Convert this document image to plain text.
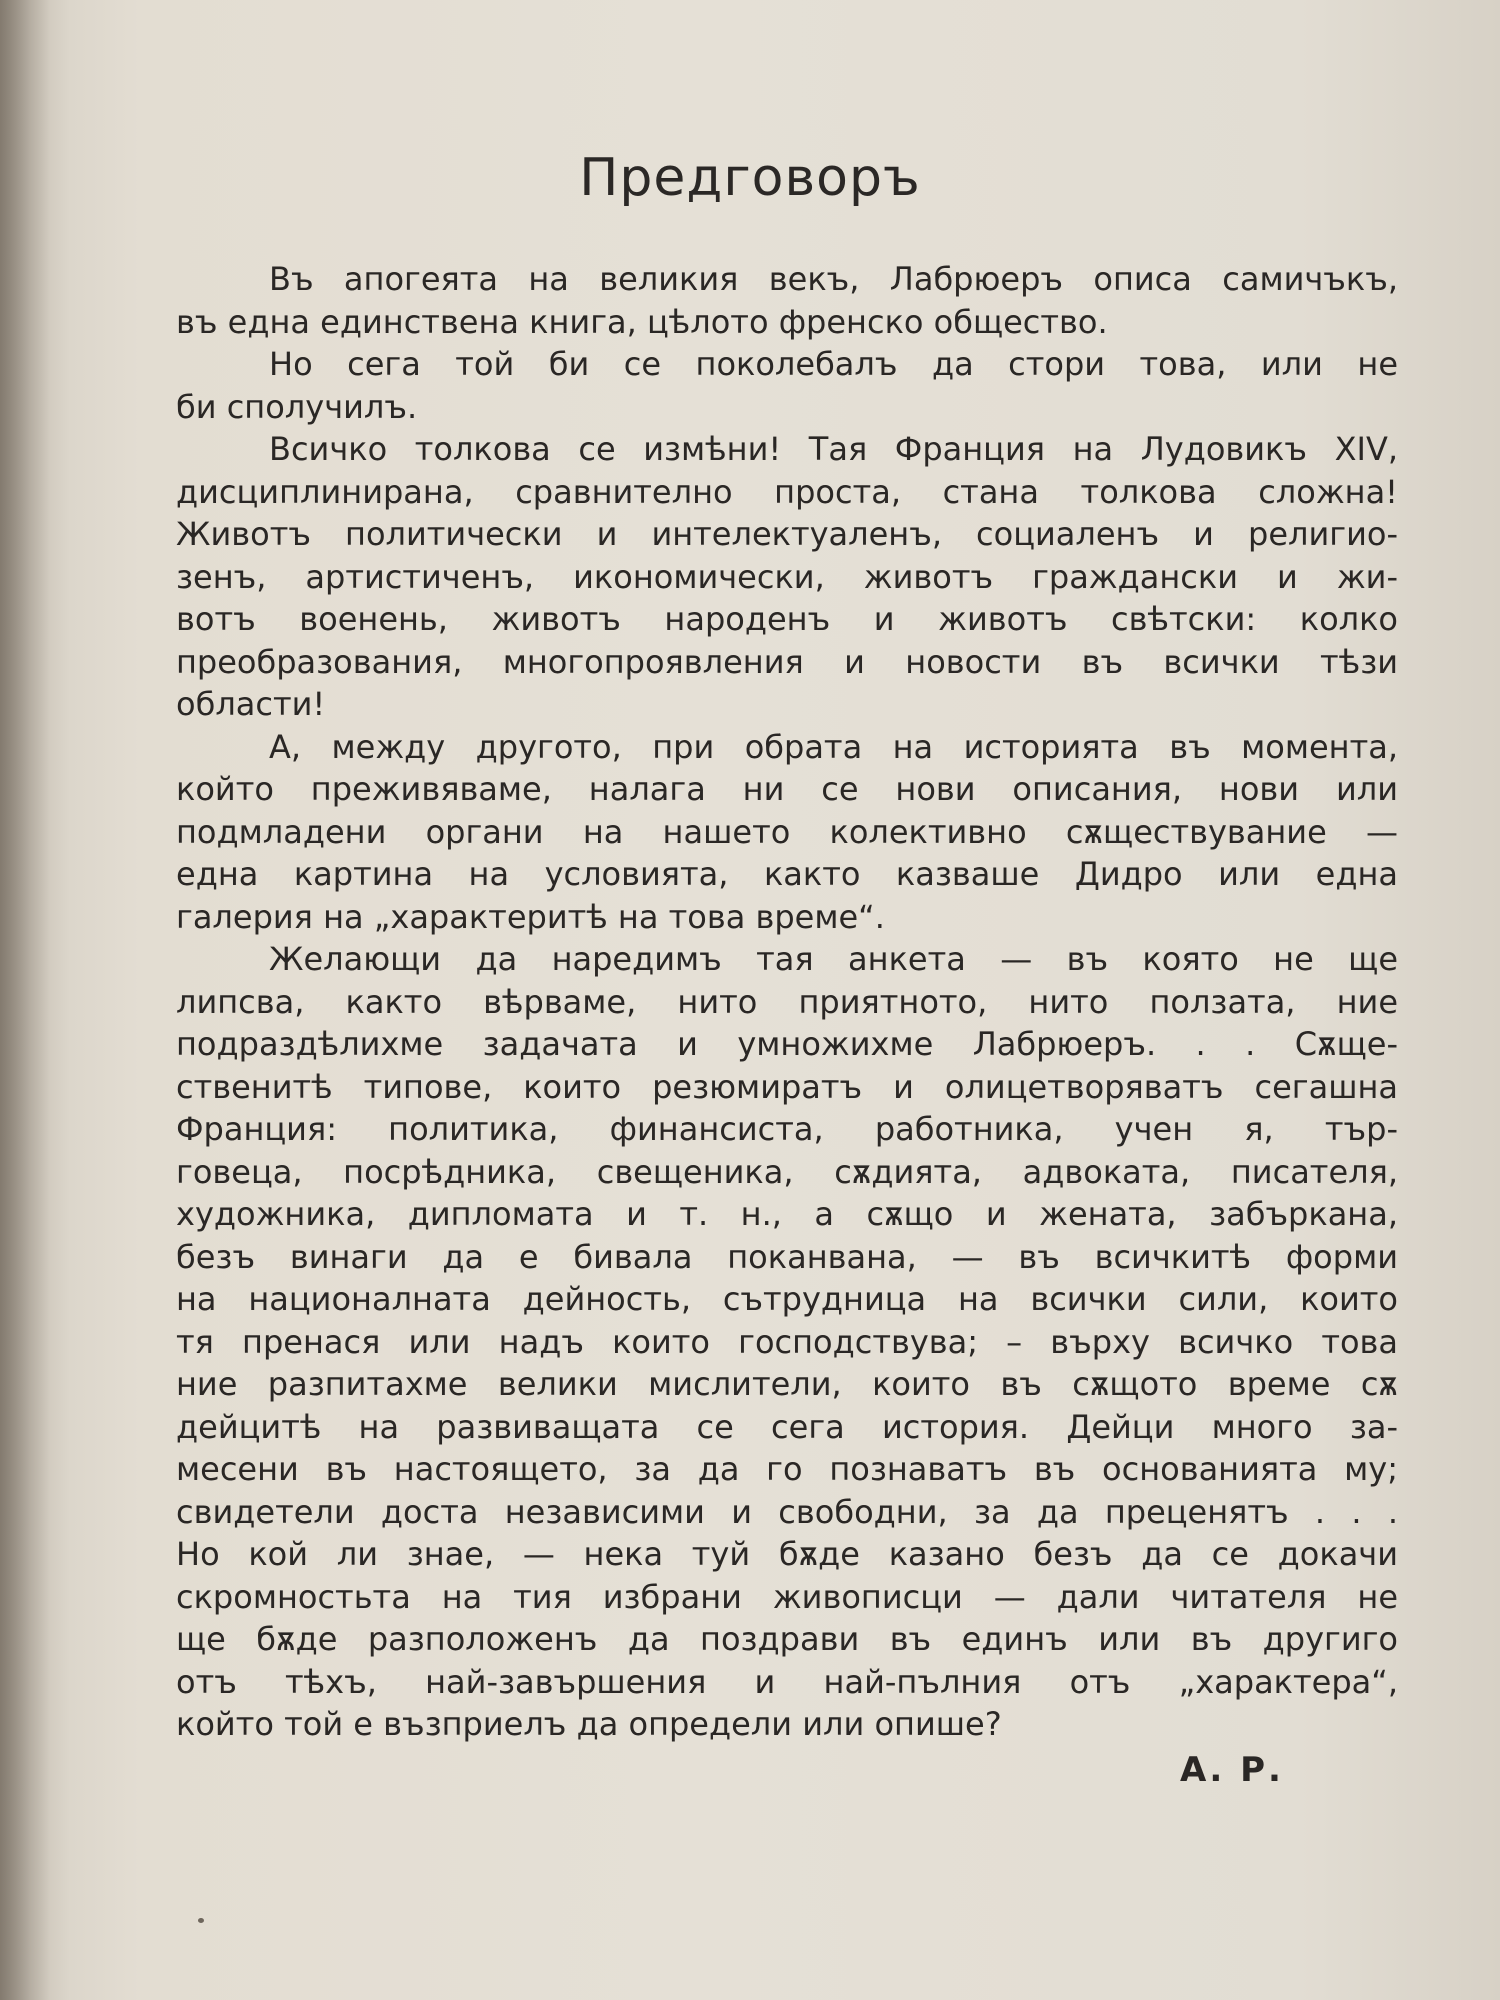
Предговоръ
Въ апогеята на великия векъ, Лабрюеръ описа самичъкъ,
въ една единствена книга, цѣлото френско общество.
Но сега той би се поколебалъ да стори това, или не
би сполучилъ.
Всичко толкова се измѣни! Тая Франция на Лудовикъ XIV,
дисциплинирана, сравнително проста, стана толкова сложна!
Животъ политически и интелектуаленъ, социаленъ и религио-
зенъ, артистиченъ, икономически, животъ граждански и жи-
вотъ военень, животъ народенъ и животъ свѣтски: колко
преобразования, многопроявления и новости въ всички тѣзи
области!
А, между другото, при обрата на историята въ момента,
който преживяваме, налага ни се нови описания, нови или
подмладени органи на нашето колективно сѫществувание —
една картина на условията, както казваше Дидро или една
галерия на „характеритѣ на това време“.
Желающи да наредимъ тая анкета — въ която не ще
липсва, както вѣрваме, нито приятното, нито ползата, ние
подраздѣлихме задачата и умножихме Лабрюеръ. . . Сѫще-
ственитѣ типове, които резюмиратъ и олицетворяватъ сегашна
Франция: политика, финансиста, работника, учен я, тър-
говеца, посрѣдника, свещеника, сѫдията, адвоката, писателя,
художника, дипломата и т. н., а сѫщо и жената, забъркана,
безъ винаги да е бивала поканвана, — въ всичкитѣ форми
на националната дейность, сътрудница на всички сили, които
тя пренася или надъ които господствува; – върху всичко това
ние разпитахме велики мислители, които въ сѫщото време сѫ
дейцитѣ на развиващата се сега история. Дейци много за-
месени въ настоящето, за да го познаватъ въ основанията му;
свидетели доста независими и свободни, за да преценятъ . . .
Но кой ли знае, — нека туй бѫде казано безъ да се докачи
скромностьта на тия избрани живописци — дали читателя не
ще бѫде разположенъ да поздрави въ единъ или въ другиго
отъ тѣхъ, най-завършения и най-пълния отъ „характера“,
който той е възприелъ да определи или опише?
А. Р.
